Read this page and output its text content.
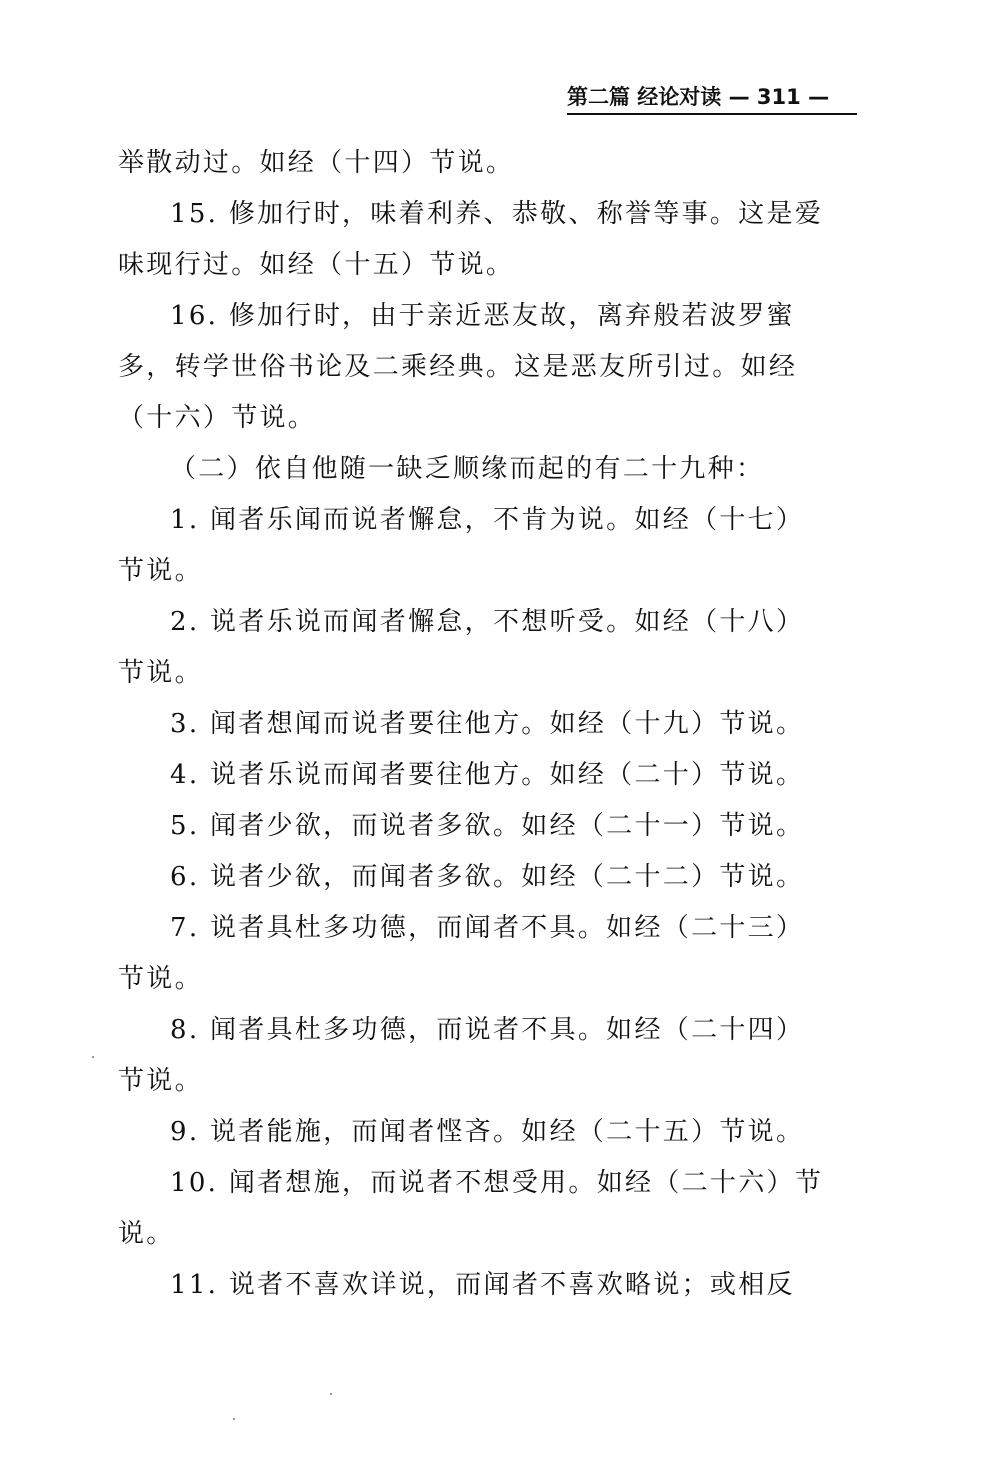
第二篇 经论对读 — 311 —
举散动过。如经（十四）节说。
15. 修加行时，味着利养、恭敬、称誉等事。这是爱
味现行过。如经（十五）节说。
16. 修加行时，由于亲近恶友故，离弃般若波罗蜜
多，转学世俗书论及二乘经典。这是恶友所引过。如经
（十六）节说。
（二）依自他随一缺乏顺缘而起的有二十九种：
1. 闻者乐闻而说者懈怠，不肯为说。如经（十七）
节说。
2. 说者乐说而闻者懈怠，不想听受。如经（十八）
节说。
3. 闻者想闻而说者要往他方。如经（十九）节说。
4. 说者乐说而闻者要往他方。如经（二十）节说。
5. 闻者少欲，而说者多欲。如经（二十一）节说。
6. 说者少欲，而闻者多欲。如经（二十二）节说。
7. 说者具杜多功德，而闻者不具。如经（二十三）
节说。
8. 闻者具杜多功德，而说者不具。如经（二十四）
节说。
9. 说者能施，而闻者悭吝。如经（二十五）节说。
10. 闻者想施，而说者不想受用。如经（二十六）节
说。
11. 说者不喜欢详说，而闻者不喜欢略说；或相反
